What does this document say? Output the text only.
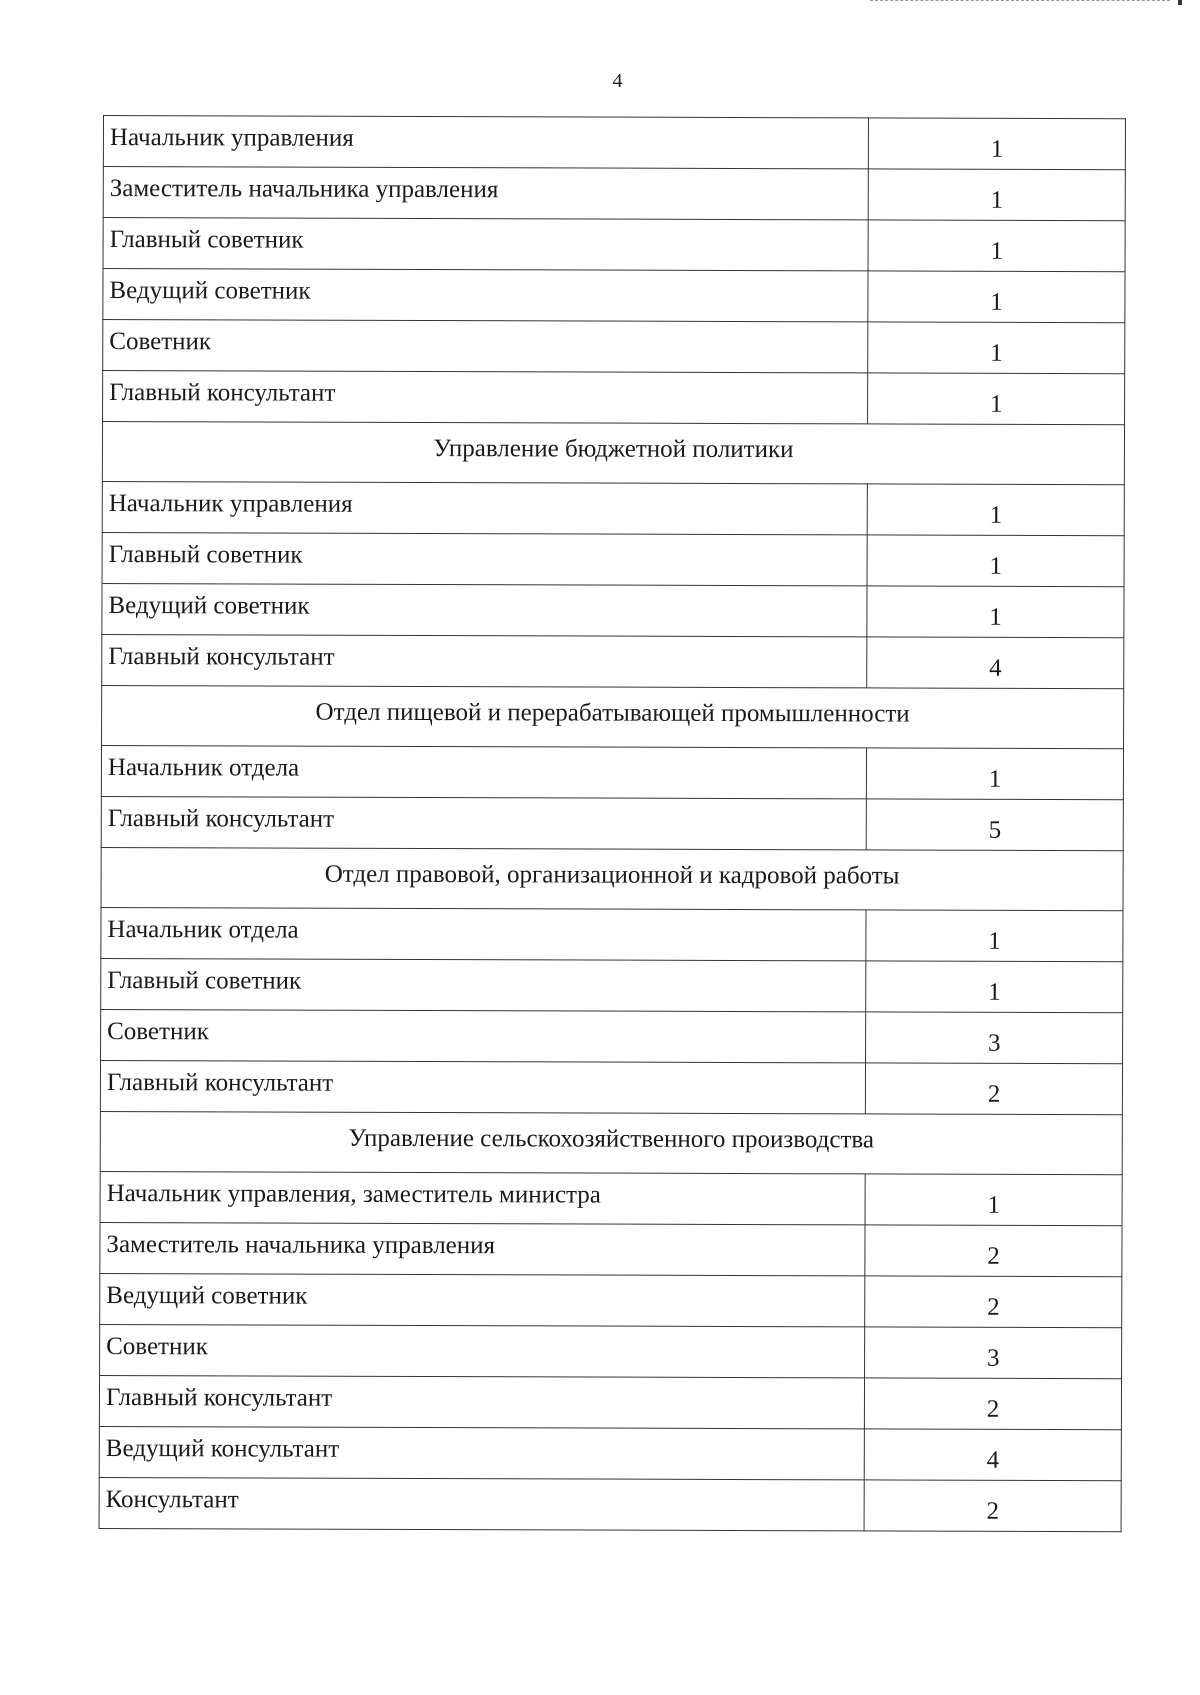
4
Начальник управления	1
Заместитель начальника управления	1
Главный советник	1
Ведущий советник	1
Советник	1
Главный консультант	1
Управление бюджетной политики	
Начальник управления	1
Главный советник	1
Ведущий советник	1
Главный консультант	4
Отдел пищевой и перерабатывающей промышленности	
Начальник отдела	1
Главный консультант	5
Отдел правовой, организационной и кадровой работы	
Начальник отдела	1
Главный советник	1
Советник	3
Главный консультант	2
Управление сельскохозяйственного производства	
Начальник управления, заместитель министра	1
Заместитель начальника управления	2
Ведущий советник	2
Советник	3
Главный консультант	2
Ведущий консультант	4
Консультант	2
